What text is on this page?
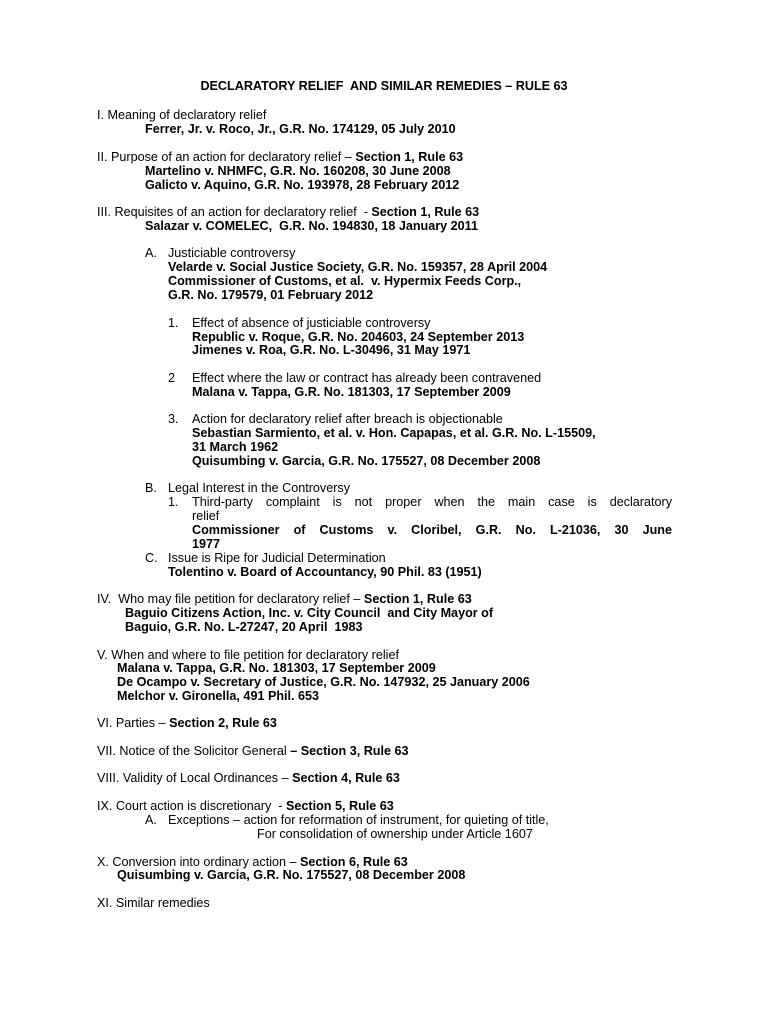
DECLARATORY RELIEF  AND SIMILAR REMEDIES – RULE 63
I. Meaning of declaratory relief
Ferrer, Jr. v. Roco, Jr., G.R. No. 174129, 05 July 2010
II. Purpose of an action for declaratory relief – Section 1, Rule 63
Martelino v. NHMFC, G.R. No. 160208, 30 June 2008
Galicto v. Aquino, G.R. No. 193978, 28 February 2012
III. Requisites of an action for declaratory relief  - Section 1, Rule 63
Salazar v. COMELEC,  G.R. No. 194830, 18 January 2011
A. Justiciable controversy
Velarde v. Social Justice Society, G.R. No. 159357, 28 April 2004
Commissioner of Customs, et al.  v. Hypermix Feeds Corp.,
G.R. No. 179579, 01 February 2012
1. Effect of absence of justiciable controversy
Republic v. Roque, G.R. No. 204603, 24 September 2013
Jimenes v. Roa, G.R. No. L-30496, 31 May 1971
2 Effect where the law or contract has already been contravened
Malana v. Tappa, G.R. No. 181303, 17 September 2009
3. Action for declaratory relief after breach is objectionable
Sebastian Sarmiento, et al. v. Hon. Capapas, et al. G.R. No. L-15509,
31 March 1962
Quisumbing v. Garcia, G.R. No. 175527, 08 December 2008
B. Legal Interest in the Controversy
1. Third-party complaint is not proper when the main case is declaratory
relief
Commissioner of Customs v. Cloribel, G.R. No. L-21036, 30 June
1977
C. Issue is Ripe for Judicial Determination
Tolentino v. Board of Accountancy, 90 Phil. 83 (1951)
IV.  Who may file petition for declaratory relief – Section 1, Rule 63
Baguio Citizens Action, Inc. v. City Council  and City Mayor of
Baguio, G.R. No. L-27247, 20 April  1983
V. When and where to file petition for declaratory relief
Malana v. Tappa, G.R. No. 181303, 17 September 2009
De Ocampo v. Secretary of Justice, G.R. No. 147932, 25 January 2006
Melchor v. Gironella, 491 Phil. 653
VI. Parties – Section 2, Rule 63
VII. Notice of the Solicitor General – Section 3, Rule 63
VIII. Validity of Local Ordinances – Section 4, Rule 63
IX. Court action is discretionary  - Section 5, Rule 63
A. Exceptions – action for reformation of instrument, for quieting of title,
For consolidation of ownership under Article 1607
X. Conversion into ordinary action – Section 6, Rule 63
Quisumbing v. Garcia, G.R. No. 175527, 08 December 2008
XI. Similar remedies
